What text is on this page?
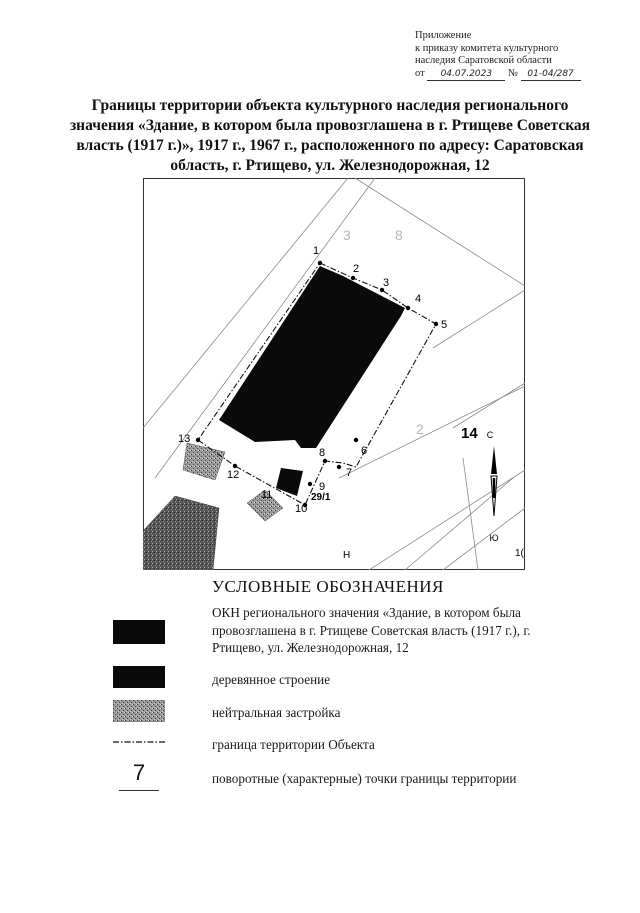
Приложение
к приказу комитета культурного
наследия Саратовской области
от 04.07.2023 № 01-04/287
Границы территории объекта культурного наследия регионального значения «Здание, в котором была провозглашена в г. Ртищеве Советская власть (1917 г.)», 1917 г., 1967 г., расположенного по адресу: Саратовская область, г. Ртищево, ул. Железнодорожная, 12
3	8
2
1
2
3
4
5
6
7
8
9
10
11
12
13	14
29/1
Н	1(
С
Ю
УСЛОВНЫЕ ОБОЗНАЧЕНИЯ
ОКН регионального значения «Здание, в котором была провозглашена в г. Ртищеве Советская власть (1917 г.), г. Ртищево, ул. Железнодорожная, 12
деревянное строение
нейтральная застройка
граница территории Объекта
7	поворотные (характерные) точки границы территории
